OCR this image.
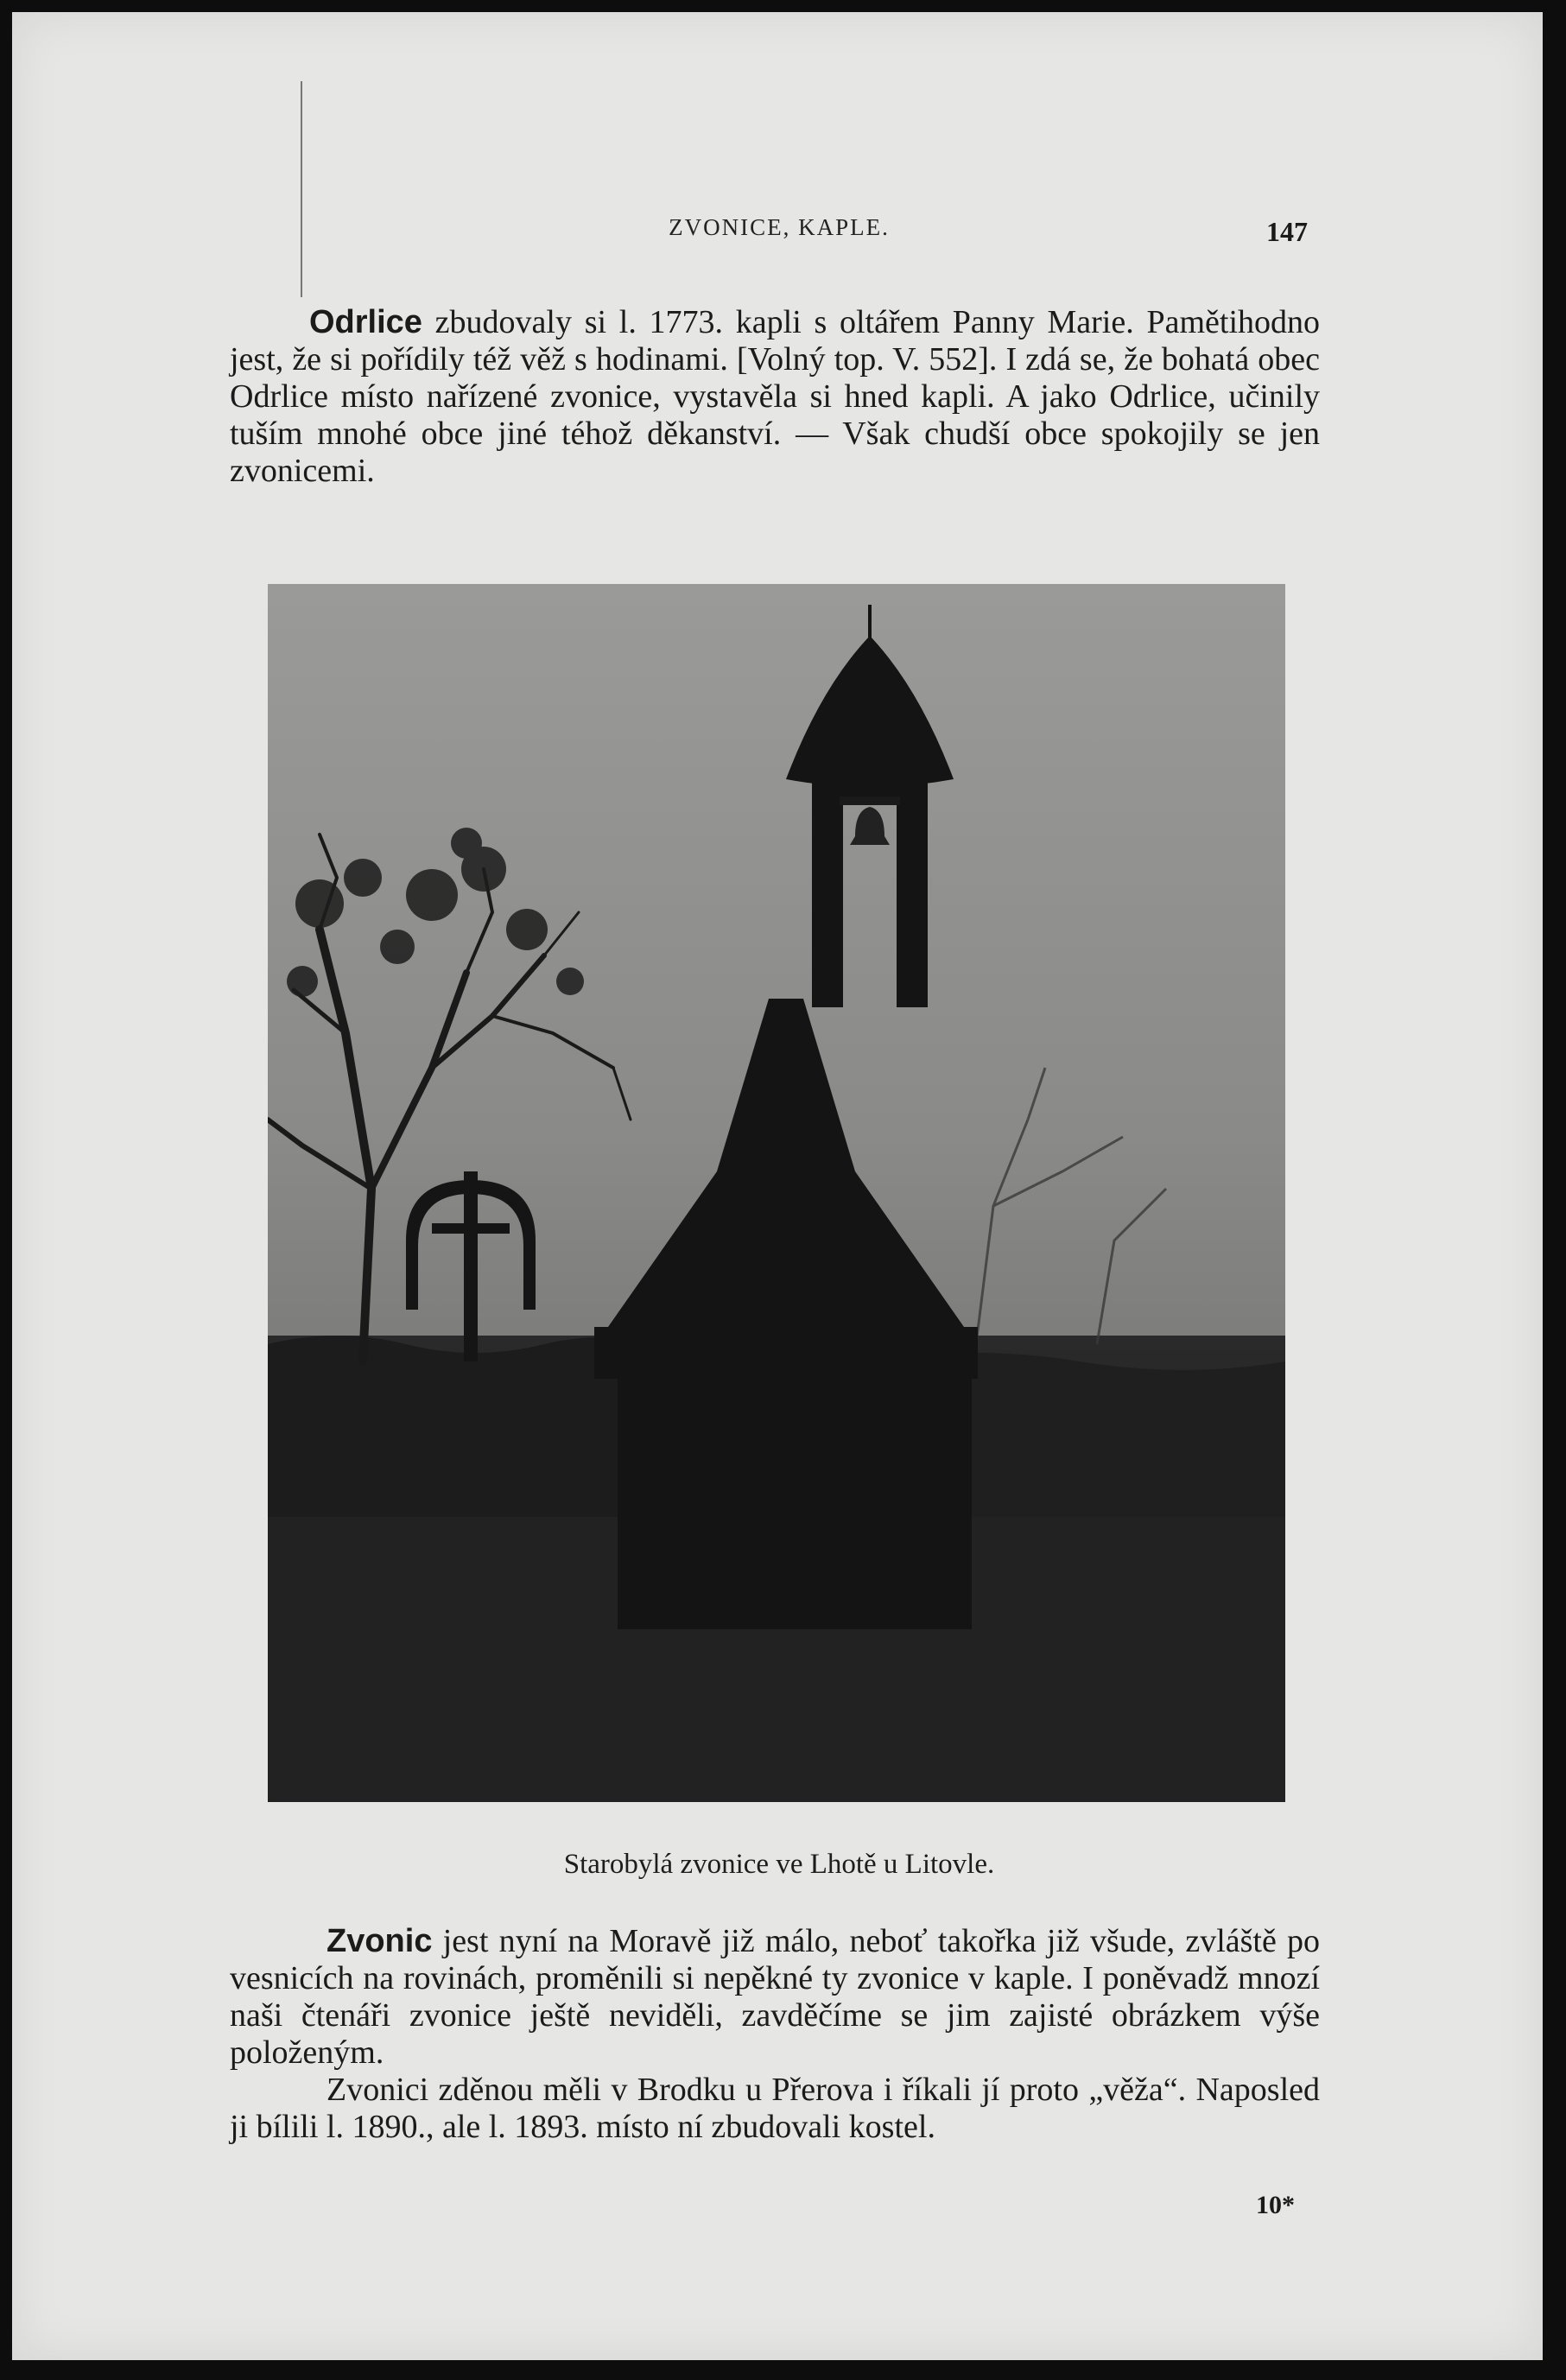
ZVONICE, KAPLE.	147

Odrlice zbudovaly si l. 1773. kapli s oltářem Panny Marie. Pamětihodno jest, že si pořídily též věž s hodinami. [Volný top. V. 552]. I zdá se, že bohatá obec Odrlice místo nařízené zvonice, vystavěla si hned kapli. A jako Odrlice, učinily tuším mnohé obce jiné téhož děkanství. — Však chudší obce spokojily se jen zvonicemi.

Starobylá zvonice ve Lhotě u Litovle.

Zvonic jest nyní na Moravě již málo, neboť takořka již všude, zvláště po vesnicích na rovinách, proměnili si nepěkné ty zvonice v kaple. I poněvadž mnozí naši čtenáři zvonice ještě neviděli, zavděčíme se jim zajisté obrázkem výše položeným.

Zvonici zděnou měli v Brodku u Přerova i říkali jí proto „věža“. Naposled ji bílili l. 1890., ale l. 1893. místo ní zbudovali kostel.

10*
